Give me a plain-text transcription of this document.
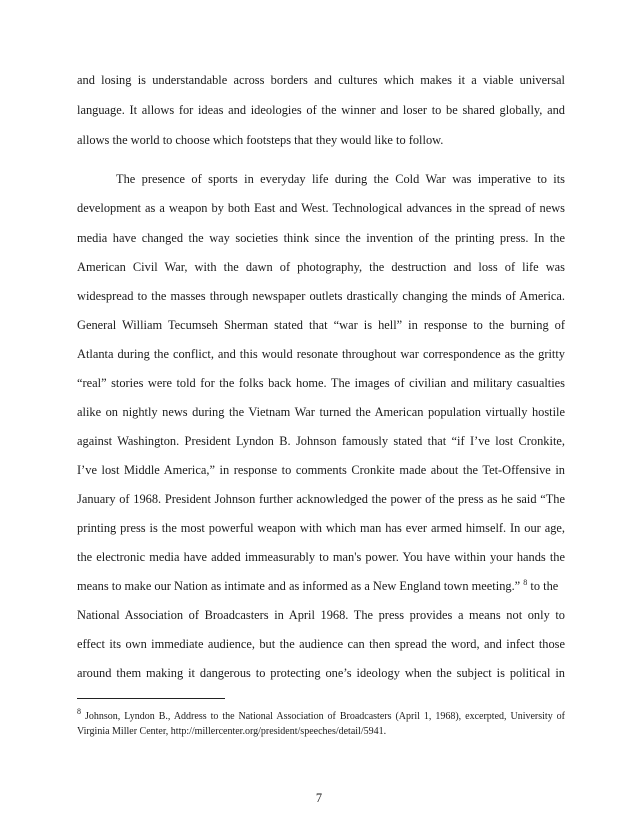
and losing is understandable across borders and cultures which makes it a viable universal
language. It allows for ideas and ideologies of the winner and loser to be shared globally, and
allows the world to choose which footsteps that they would like to follow.
The presence of sports in everyday life during the Cold War was imperative to its
development as a weapon by both East and West. Technological advances in the spread of news
media have changed the way societies think since the invention of the printing press. In the
American Civil War, with the dawn of photography, the destruction and loss of life was
widespread to the masses through newspaper outlets drastically changing the minds of America.
General William Tecumseh Sherman stated that “war is hell” in response to the burning of
Atlanta during the conflict, and this would resonate throughout war correspondence as the gritty
“real” stories were told for the folks back home. The images of civilian and military casualties
alike on nightly news during the Vietnam War turned the American population virtually hostile
against Washington. President Lyndon B. Johnson famously stated that “if I’ve lost Cronkite,
I’ve lost Middle America,” in response to comments Cronkite made about the Tet-Offensive in
January of 1968. President Johnson further acknowledged the power of the press as he said “The
printing press is the most powerful weapon with which man has ever armed himself. In our age,
the electronic media have added immeasurably to man's power. You have within your hands the
means to make our Nation as intimate and as informed as a New England town meeting.” $^8$ to the
National Association of Broadcasters in April 1968. The press provides a means not only to
effect its own immediate audience, but the audience can then spread the word, and infect those
around them making it dangerous to protecting one’s ideology when the subject is political in
$^8$ Johnson, Lyndon B., Address to the National Association of Broadcasters (April 1, 1968), excerpted, University of
Virginia Miller Center, http://millercenter.org/president/speeches/detail/5941.
7
